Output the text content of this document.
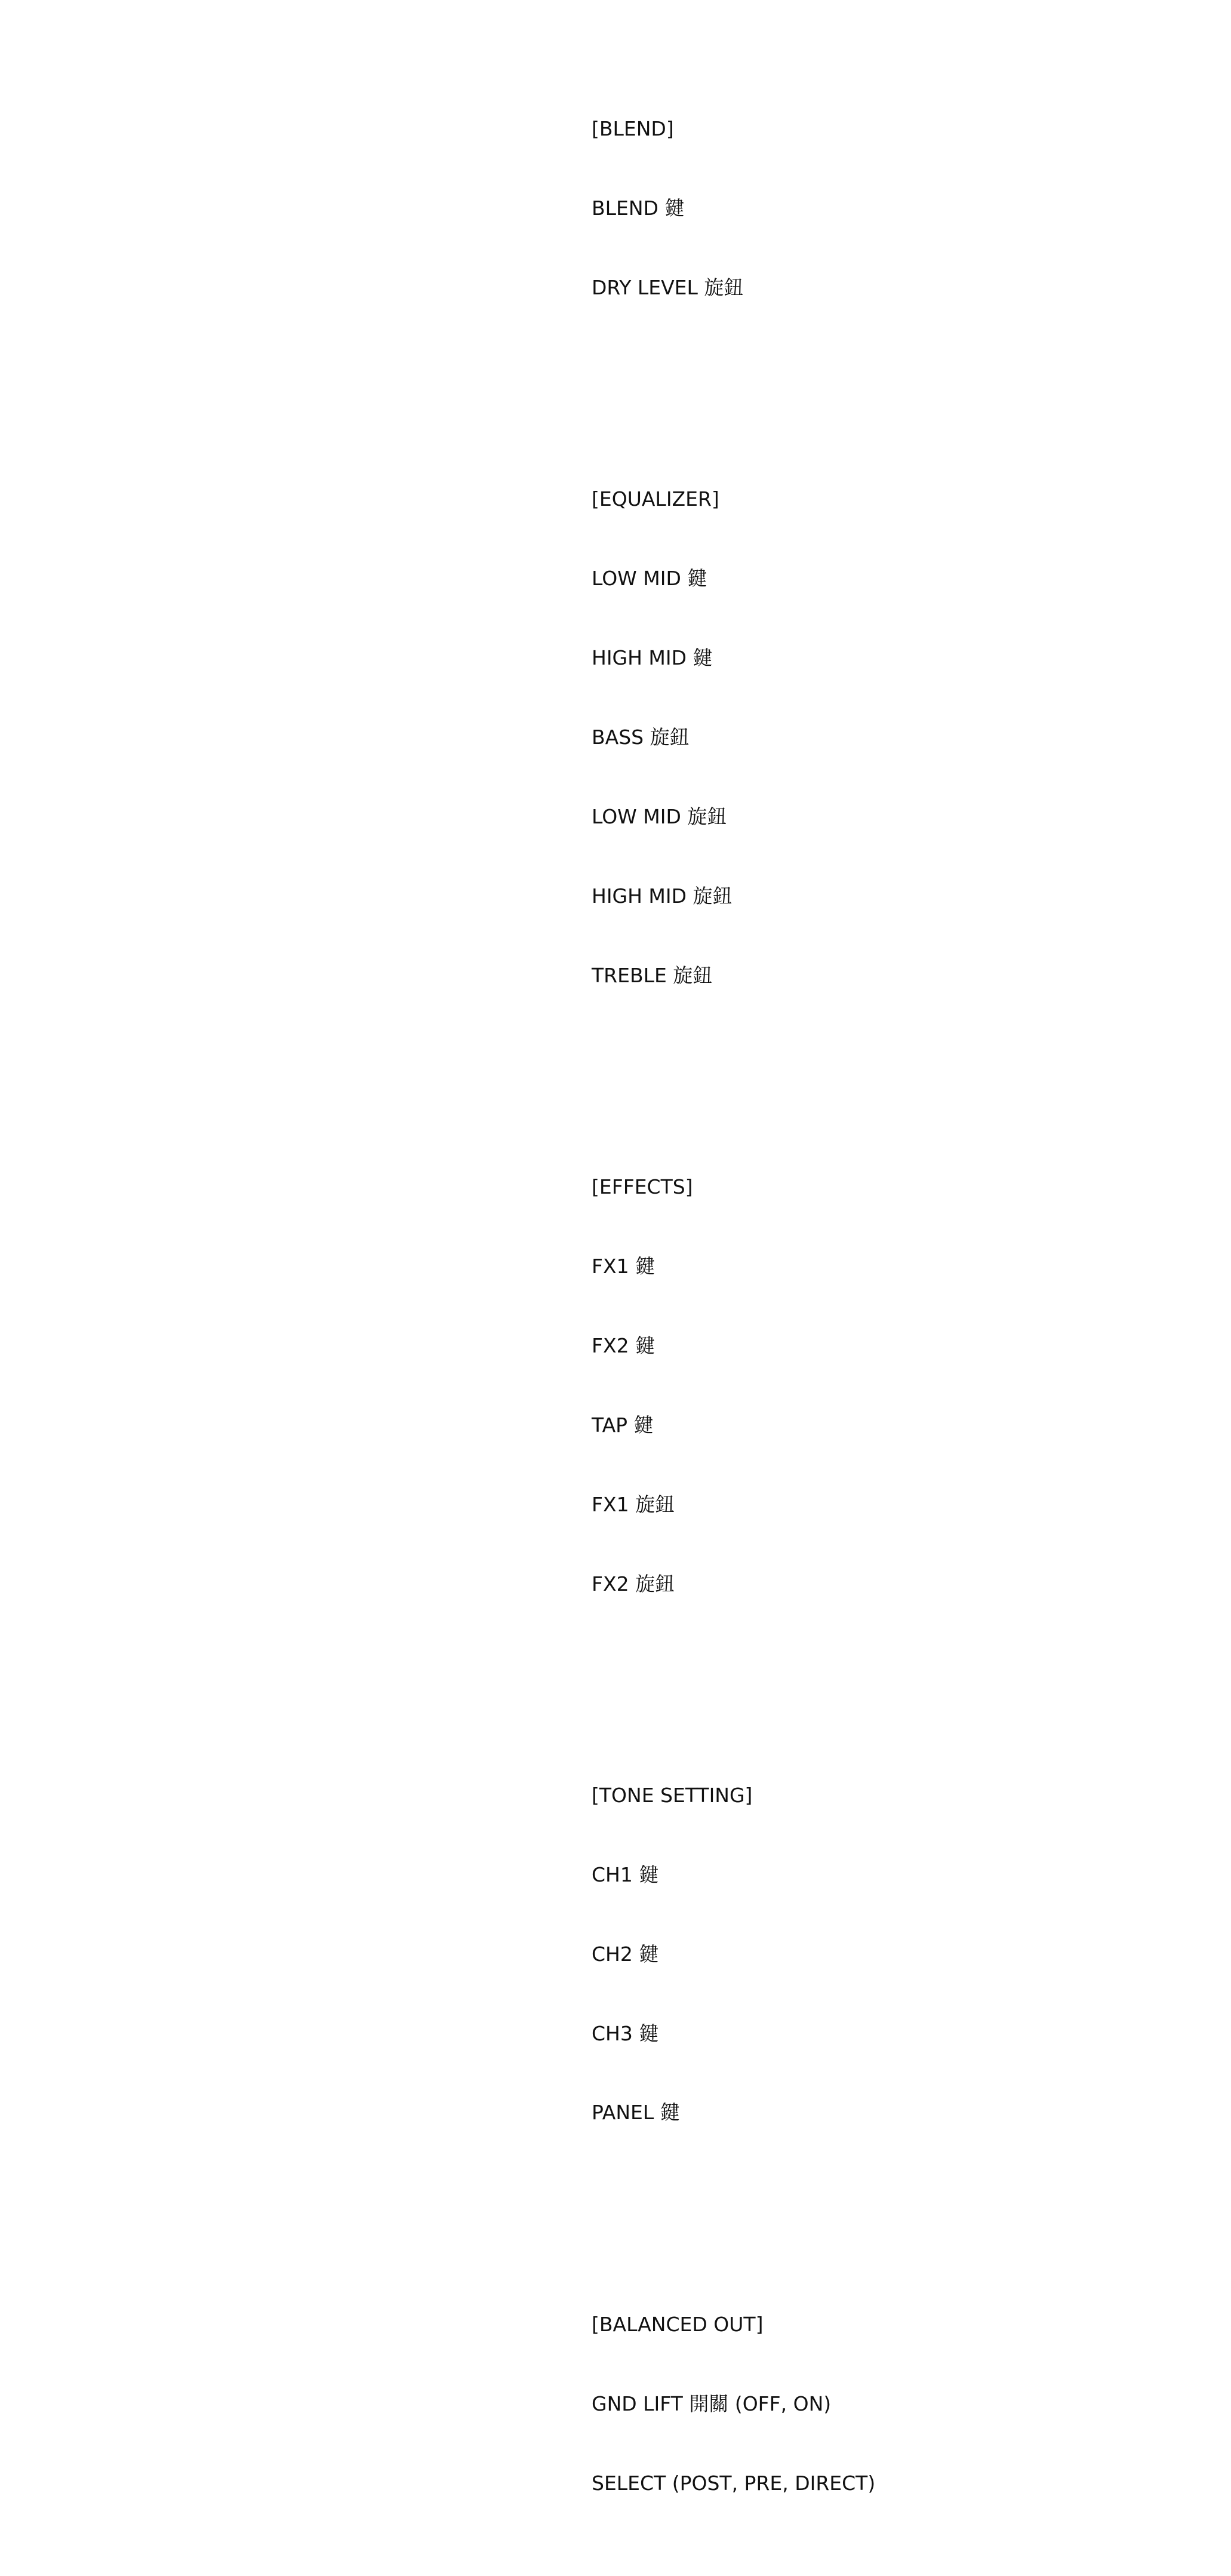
[BLEND]

BLEND 鍵

DRY LEVEL 旋鈕

[EQUALIZER]

LOW MID 鍵

HIGH MID 鍵

BASS 旋鈕

LOW MID 旋鈕

HIGH MID 旋鈕

TREBLE 旋鈕

[EFFECTS]

FX1 鍵

FX2 鍵

TAP 鍵

FX1 旋鈕

FX2 旋鈕

[TONE SETTING]

CH1 鍵

CH2 鍵

CH3 鍵

PANEL 鍵

[BALANCED OUT]

GND LIFT 開關 (OFF, ON)

SELECT (POST, PRE, DIRECT)
